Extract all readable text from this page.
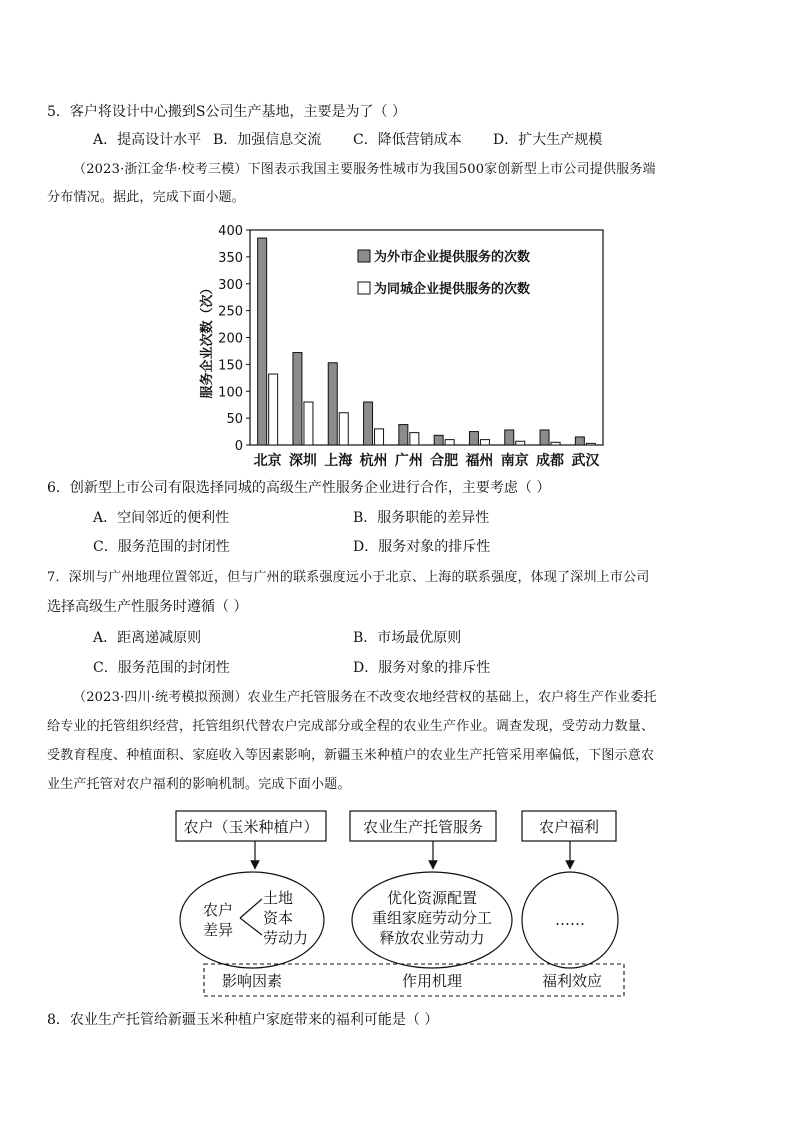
5．客户将设计中心搬到S公司生产基地，主要是为了（ ）
A．提高设计水平 B．加强信息交流 C．降低营销成本 D．扩大生产规模
（2023·浙江金华·校考三模）下图表示我国主要服务性城市为我国500家创新型上市公司提供服务端
分布情况。据此，完成下面小题。
0
50
100
150
200
250
300
350
400
北京 深圳 上海 杭州 广州 合肥 福州 南京 成都 武汉
为外市企业提供服务的次数
为同城企业提供服务的次数
服务企业次数（次）
6．创新型上市公司有限选择同城的高级生产性服务企业进行合作，主要考虑（ ）
A．空间邻近的便利性	B．服务职能的差异性
C．服务范围的封闭性	D．服务对象的排斥性
7．深圳与广州地理位置邻近，但与广州的联系强度远小于北京、上海的联系强度，体现了深圳上市公司
选择高级生产性服务时遵循（ ）
A．距离递减原则	B．市场最优原则
C．服务范围的封闭性	D．服务对象的排斥性
（2023·四川·统考模拟预测）农业生产托管服务在不改变农地经营权的基础上，农户将生产作业委托
给专业的托管组织经营，托管组织代替农户完成部分或全程的农业生产作业。调查发现，受劳动力数量、
受教育程度、种植面积、家庭收入等因素影响，新疆玉米种植户的农业生产托管采用率偏低，下图示意农
业生产托管对农户福利的影响机制。完成下面小题。
农户（玉米种植户）	农业生产托管服务	农户福利
农户
差异
土地
资本
劳动力
优化资源配置
重组家庭劳动分工
释放农业劳动力
……
影响因素	作用机理	福利效应
8．农业生产托管给新疆玉米种植户家庭带来的福利可能是（ ）
